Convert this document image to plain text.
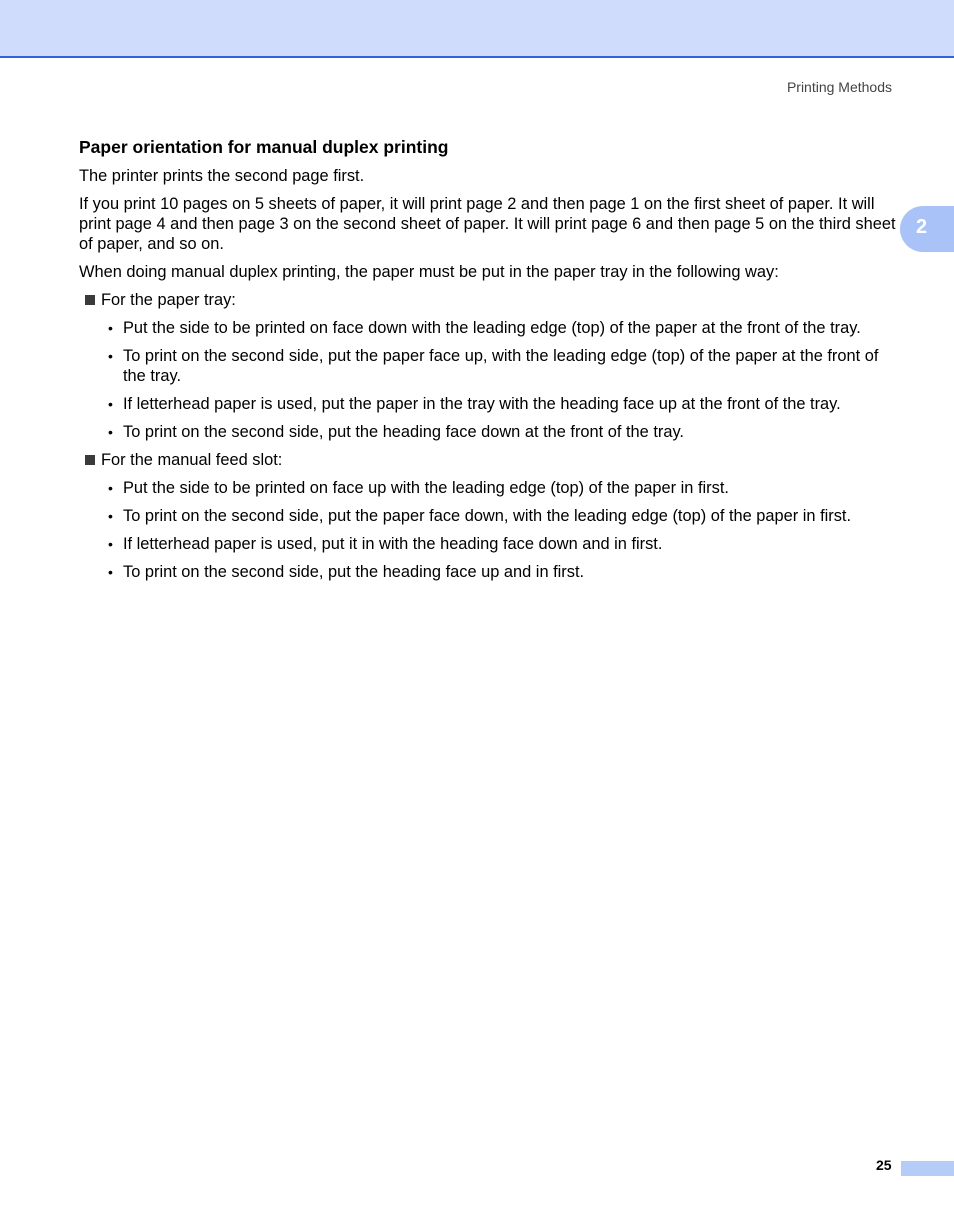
Printing Methods
2
Paper orientation for manual duplex printing

The printer prints the second page first.

If you print 10 pages on 5 sheets of paper, it will print page 2 and then page 1 on the first sheet of paper. It will print page 4 and then page 3 on the second sheet of paper. It will print page 6 and then page 5 on the third sheet of paper, and so on.

When doing manual duplex printing, the paper must be put in the paper tray in the following way:

For the paper tray:
• Put the side to be printed on face down with the leading edge (top) of the paper at the front of the tray.
• To print on the second side, put the paper face up, with the leading edge (top) of the paper at the front of the tray.
• If letterhead paper is used, put the paper in the tray with the heading face up at the front of the tray.
• To print on the second side, put the heading face down at the front of the tray.
For the manual feed slot:
• Put the side to be printed on face up with the leading edge (top) of the paper in first.
• To print on the second side, put the paper face down, with the leading edge (top) of the paper in first.
• If letterhead paper is used, put it in with the heading face down and in first.
• To print on the second side, put the heading face up and in first.
25
